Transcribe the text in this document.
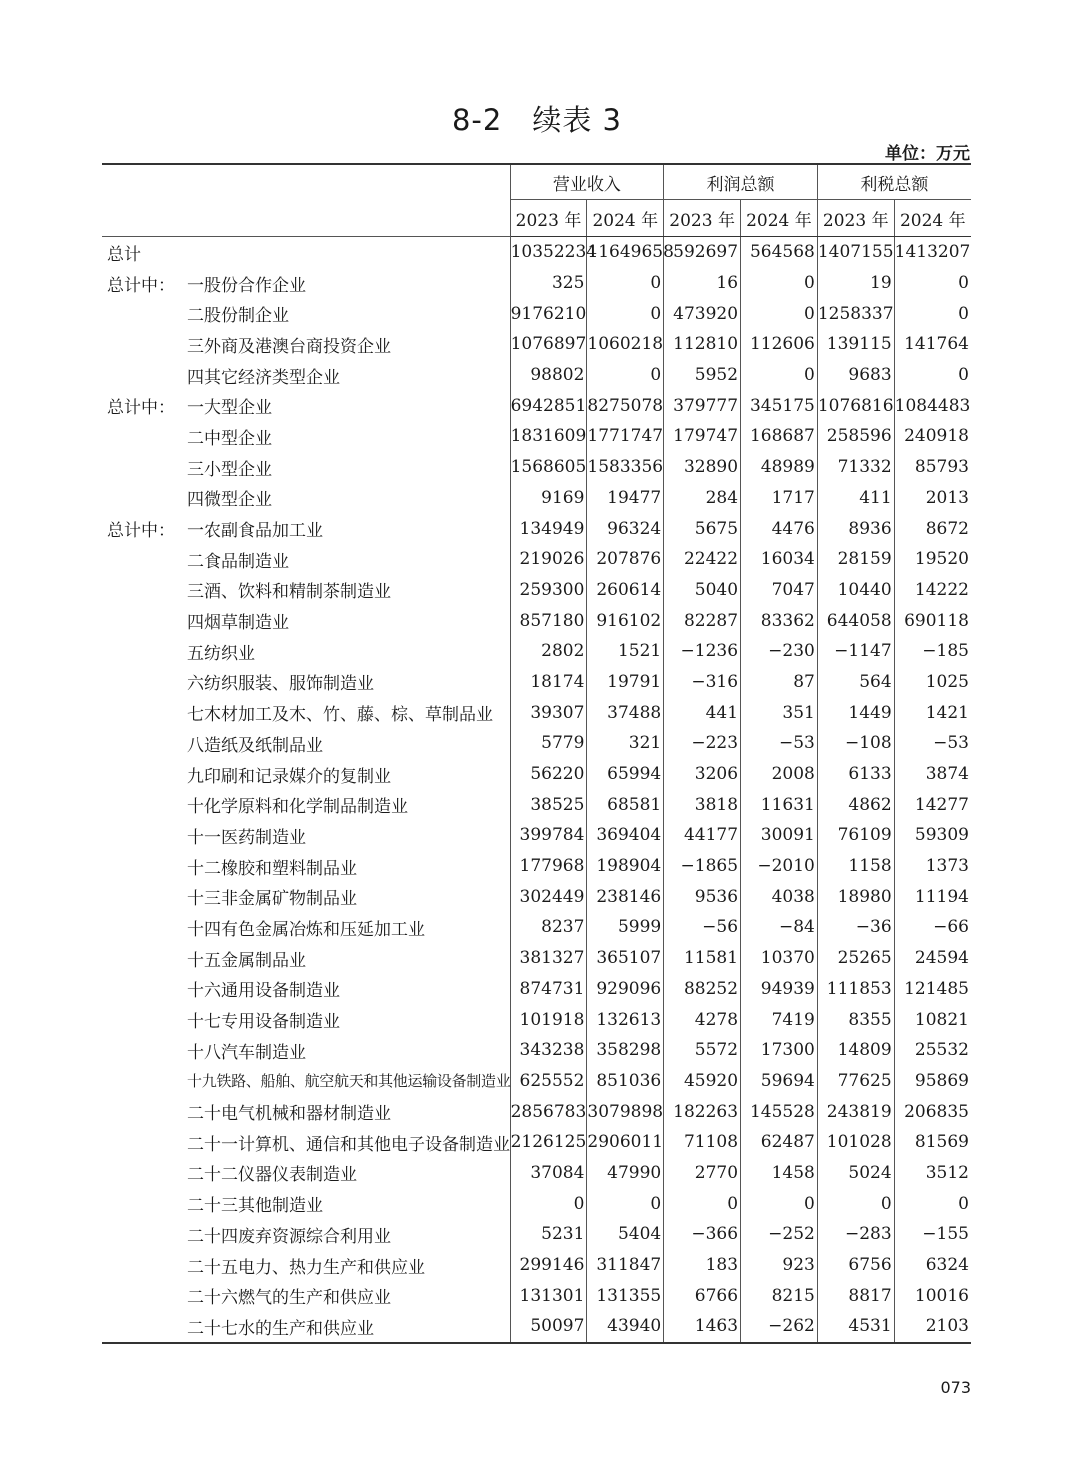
8-2　续表 3
单位：万元
	营业收入		利润总额		利税总额	
	2023 年	2024 年	2023 年	2024 年	2023 年	2024 年
总计	10352234	11649658	592697	564568	1407155	1413207
总计中： 一股份合作企业	325	0	16	0	19	0
二股份制企业	9176210	0	473920	0	1258337	0
三外商及港澳台商投资企业	1076897	1060218	112810	112606	139115	141764
四其它经济类型企业	98802	0	5952	0	9683	0
总计中： 一大型企业	6942851	8275078	379777	345175	1076816	1084483
二中型企业	1831609	1771747	179747	168687	258596	240918
三小型企业	1568605	1583356	32890	48989	71332	85793
四微型企业	9169	19477	284	1717	411	2013
总计中： 一农副食品加工业	134949	96324	5675	4476	8936	8672
二食品制造业	219026	207876	22422	16034	28159	19520
三酒、饮料和精制茶制造业	259300	260614	5040	7047	10440	14222
四烟草制造业	857180	916102	82287	83362	644058	690118
五纺织业	2802	1521	−1236	−230	−1147	−185
六纺织服装、服饰制造业	18174	19791	−316	87	564	1025
七木材加工及木、竹、藤、棕、草制品业	39307	37488	441	351	1449	1421
八造纸及纸制品业	5779	321	−223	−53	−108	−53
九印刷和记录媒介的复制业	56220	65994	3206	2008	6133	3874
十化学原料和化学制品制造业	38525	68581	3818	11631	4862	14277
十一医药制造业	399784	369404	44177	30091	76109	59309
十二橡胶和塑料制品业	177968	198904	−1865	−2010	1158	1373
十三非金属矿物制品业	302449	238146	9536	4038	18980	11194
十四有色金属冶炼和压延加工业	8237	5999	−56	−84	−36	−66
十五金属制品业	381327	365107	11581	10370	25265	24594
十六通用设备制造业	874731	929096	88252	94939	111853	121485
十七专用设备制造业	101918	132613	4278	7419	8355	10821
十八汽车制造业	343238	358298	5572	17300	14809	25532
十九铁路、船舶、航空航天和其他运输设备制造业	625552	851036	45920	59694	77625	95869
二十电气机械和器材制造业	2856783	3079898	182263	145528	243819	206835
二十一计算机、通信和其他电子设备制造业	2126125	2906011	71108	62487	101028	81569
二十二仪器仪表制造业	37084	47990	2770	1458	5024	3512
二十三其他制造业	0	0	0	0	0	0
二十四废弃资源综合利用业	5231	5404	−366	−252	−283	−155
二十五电力、热力生产和供应业	299146	311847	183	923	6756	6324
二十六燃气的生产和供应业	131301	131355	6766	8215	8817	10016
二十七水的生产和供应业	50097	43940	1463	−262	4531	2103
073
